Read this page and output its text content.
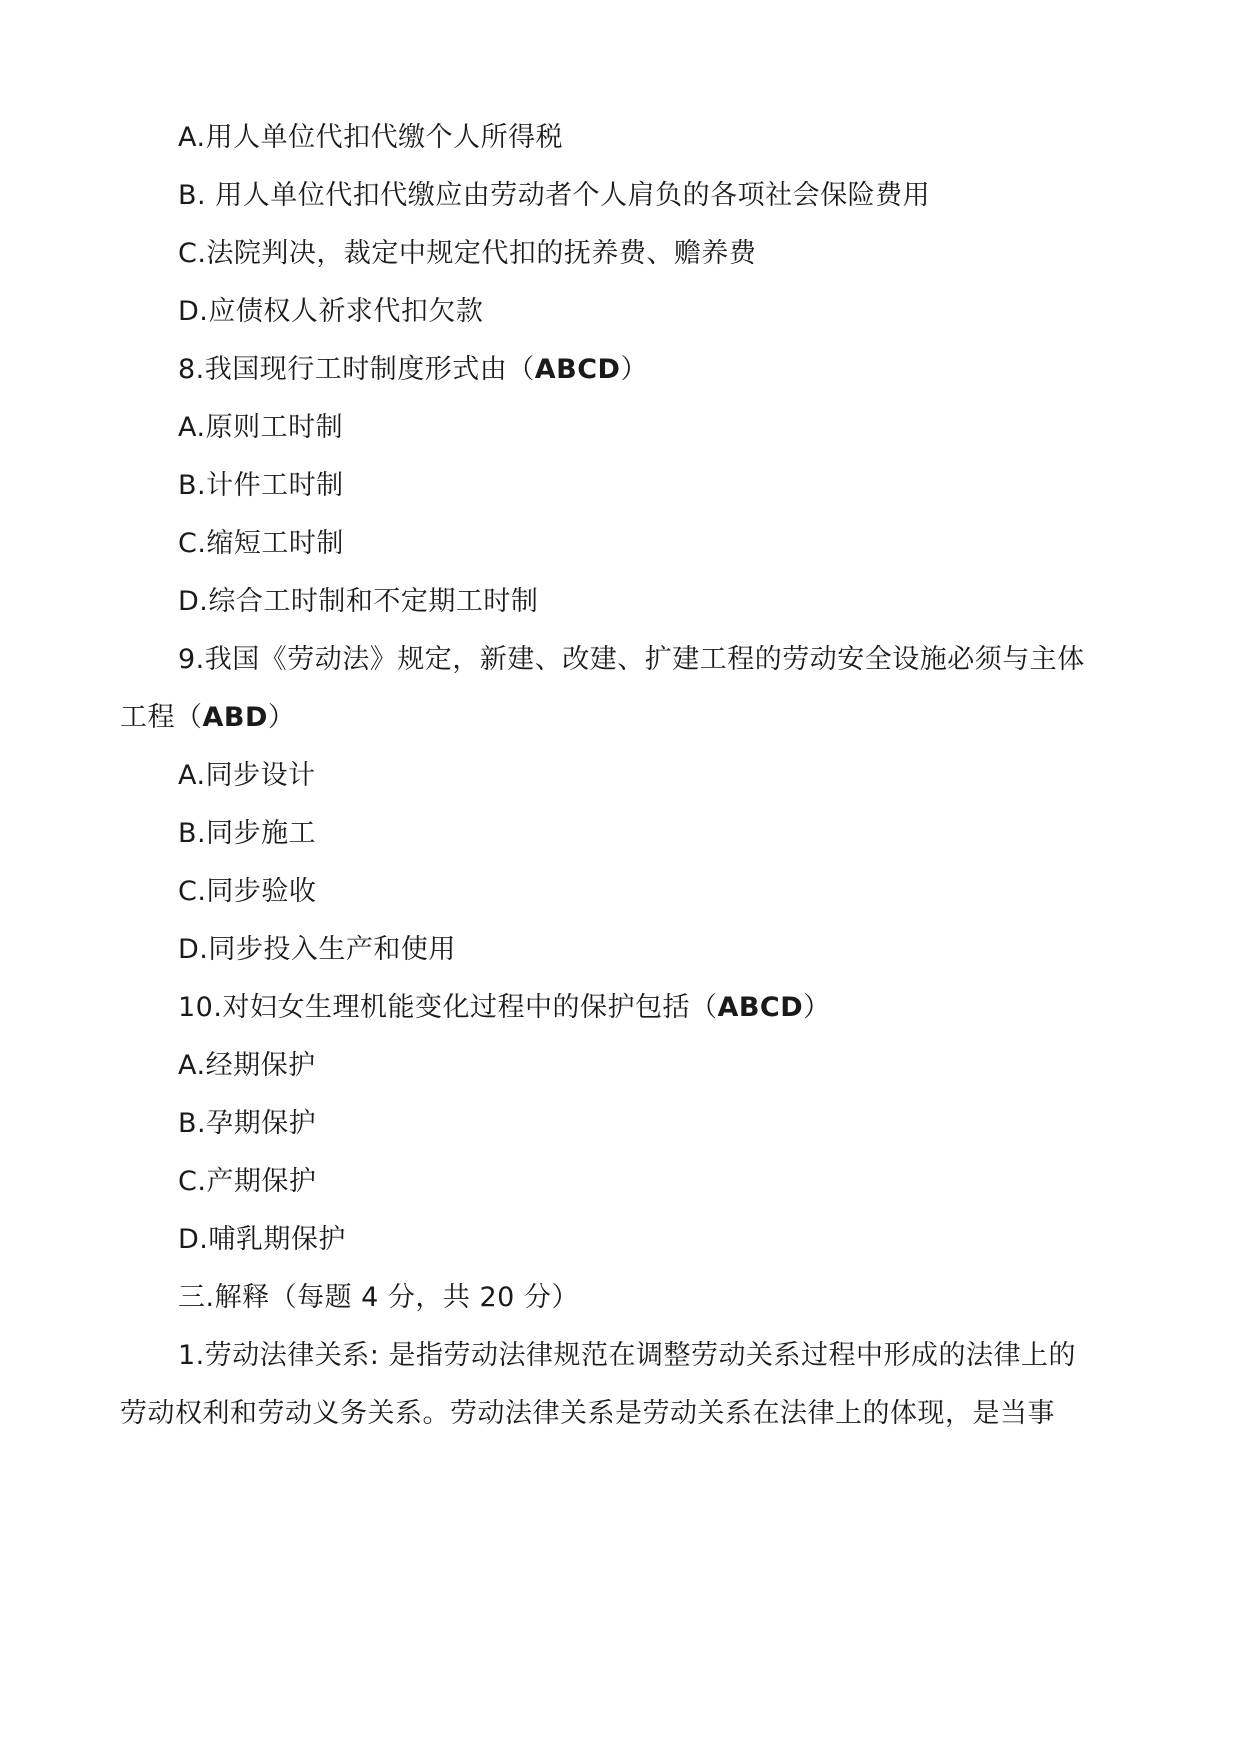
A.用人单位代扣代缴个人所得税
B. 用人单位代扣代缴应由劳动者个人肩负的各项社会保险费用
C.法院判决，裁定中规定代扣的抚养费、赡养费
D.应债权人祈求代扣欠款
8.我国现行工时制度形式由（ABCD）
A.原则工时制
B.计件工时制
C.缩短工时制
D.综合工时制和不定期工时制
9.我国《劳动法》规定，新建、改建、扩建工程的劳动安全设施必须与主体
工程（ABD）
A.同步设计
B.同步施工
C.同步验收
D.同步投入生产和使用
10.对妇女生理机能变化过程中的保护包括（ABCD）
A.经期保护
B.孕期保护
C.产期保护
D.哺乳期保护
三.解释（每题 4 分，共 20 分）
1.劳动法律关系: 是指劳动法律规范在调整劳动关系过程中形成的法律上的
劳动权利和劳动义务关系。劳动法律关系是劳动关系在法律上的体现，是当事
